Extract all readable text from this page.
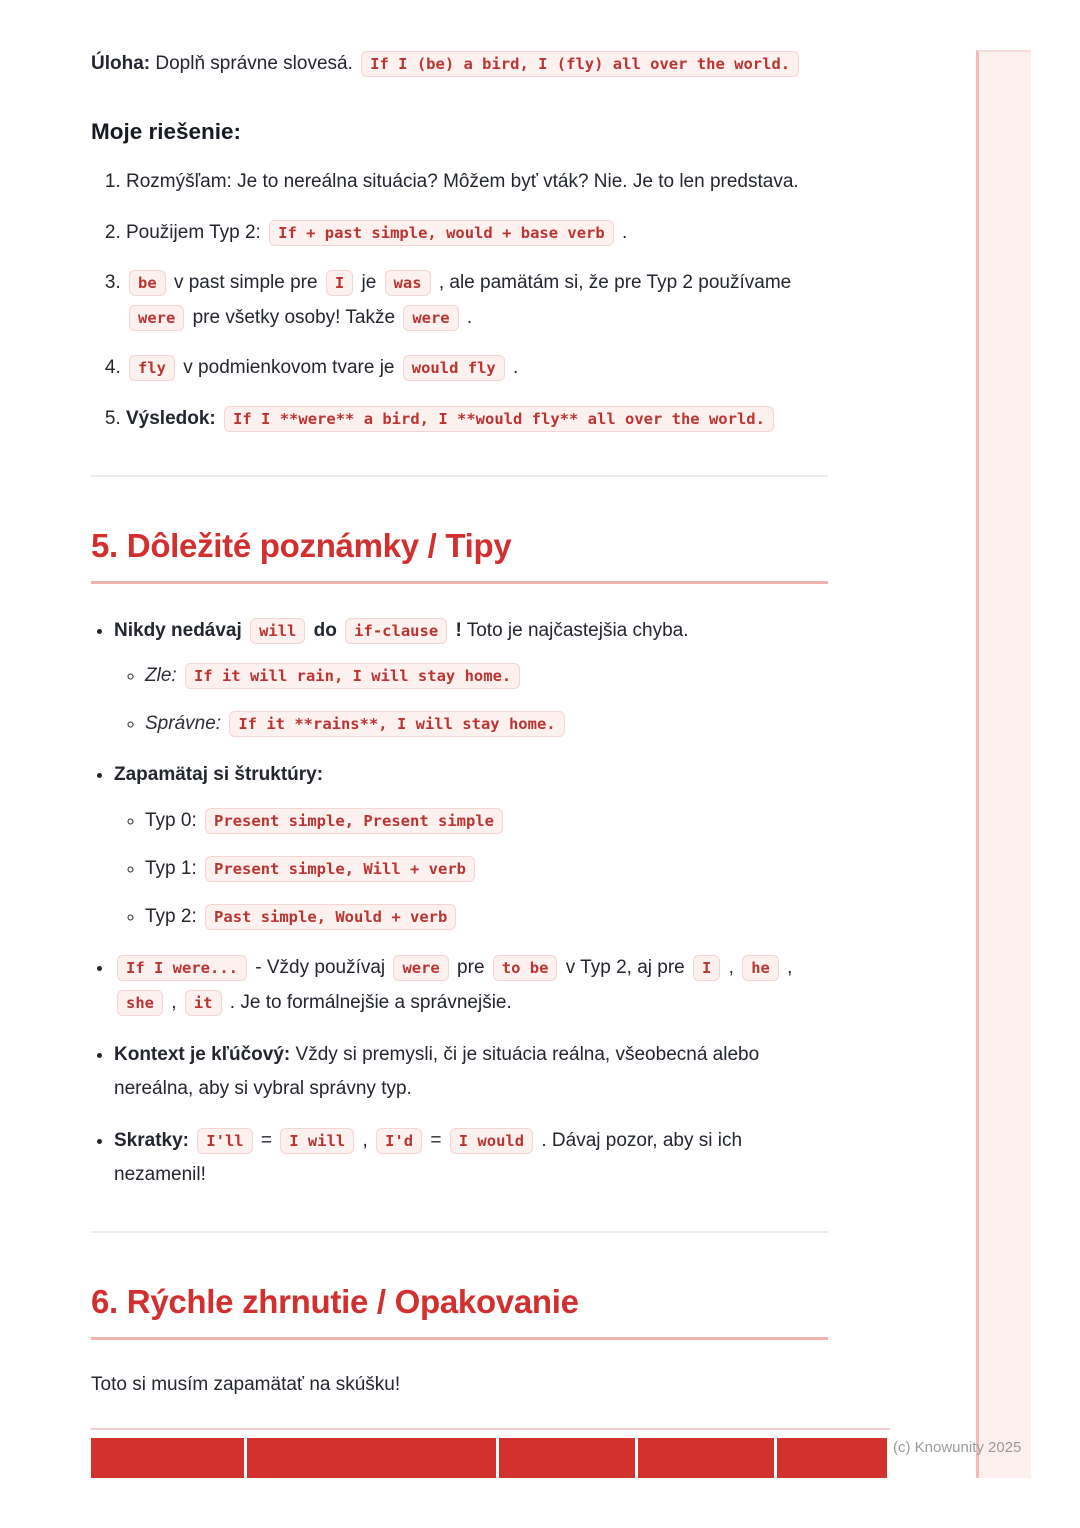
Úloha: Doplň správne slovesá. If I (be) a bird, I (fly) all over the world.

Moje riešenie:
1. Rozmýšľam: Je to nereálna situácia? Môžem byť vták? Nie. Je to len predstava.
2. Použijem Typ 2: If + past simple, would + base verb .
3. be v past simple pre I je was , ale pamätám si, že pre Typ 2 používame were pre všetky osoby! Takže were .
4. fly v podmienkovom tvare je would fly .
5. Výsledok: If I **were** a bird, I **would fly** all over the world.
5. Dôležité poznámky / Tipy
• Nikdy nedávaj will do if-clause ! Toto je najčastejšia chyba.
◦ Zle: If it will rain, I will stay home.
◦ Správne: If it **rains**, I will stay home.
• Zapamätaj si štruktúry:
◦ Typ 0: Present simple, Present simple
◦ Typ 1: Present simple, Will + verb
◦ Typ 2: Past simple, Would + verb
• If I were... - Vždy používaj were pre to be v Typ 2, aj pre I , he , she , it . Je to formálnejšie a správnejšie.
• Kontext je kľúčový: Vždy si premysli, či je situácia reálna, všeobecná alebo nereálna, aby si vybral správny typ.
• Skratky: I'll = I will , I'd = I would . Dávaj pozor, aby si ich nezamenil!
6. Rýchle zhrnutie / Opakovanie

Toto si musím zapamätať na skúšku!

(c) Knowunity 2025
